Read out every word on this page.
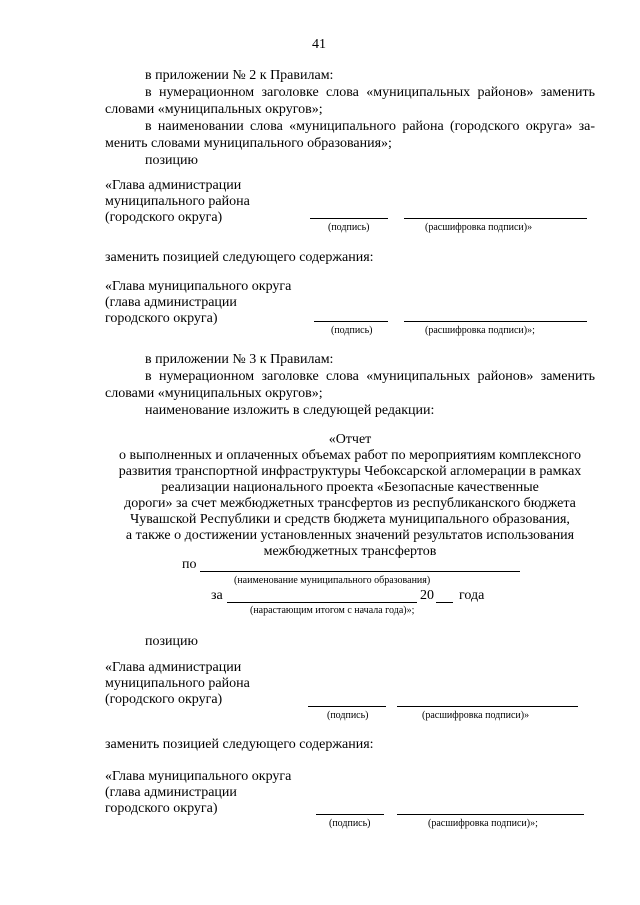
41
в приложении № 2 к Правилам:
в нумерационном заголовке слова «муниципальных районов» заменить
словами «муниципальных округов»;
в наименовании слова «муниципального района (городского округа» за-
менить словами муниципального образования»;
позицию
«Глава администрации
муниципального района
(городского округа)
(подпись)	(расшифровка подписи)»
заменить позицией следующего содержания:
«Глава муниципального округа
(глава администрации
городского округа)
(подпись)	(расшифровка подписи)»;
в приложении № 3 к Правилам:
в нумерационном заголовке слова «муниципальных районов» заменить
словами «муниципальных округов»;
наименование изложить в следующей редакции:
«Отчет
о выполненных и оплаченных объемах работ по мероприятиям комплексного
развития транспортной инфраструктуры Чебоксарской агломерации в рамках
реализации национального проекта «Безопасные качественные
дороги» за счет межбюджетных трансфертов из республиканского бюджета
Чувашской Республики и средств бюджета муниципального образования,
а также о достижении установленных значений результатов использования
межбюджетных трансфертов
по
(наименование муниципального образования)
за	20 года
(нарастающим итогом с начала года)»;
позицию
«Глава администрации
муниципального района
(городского округа)
(подпись)	(расшифровка подписи)»
заменить позицией следующего содержания:
«Глава муниципального округа
(глава администрации
городского округа)
(подпись)	(расшифровка подписи)»;
